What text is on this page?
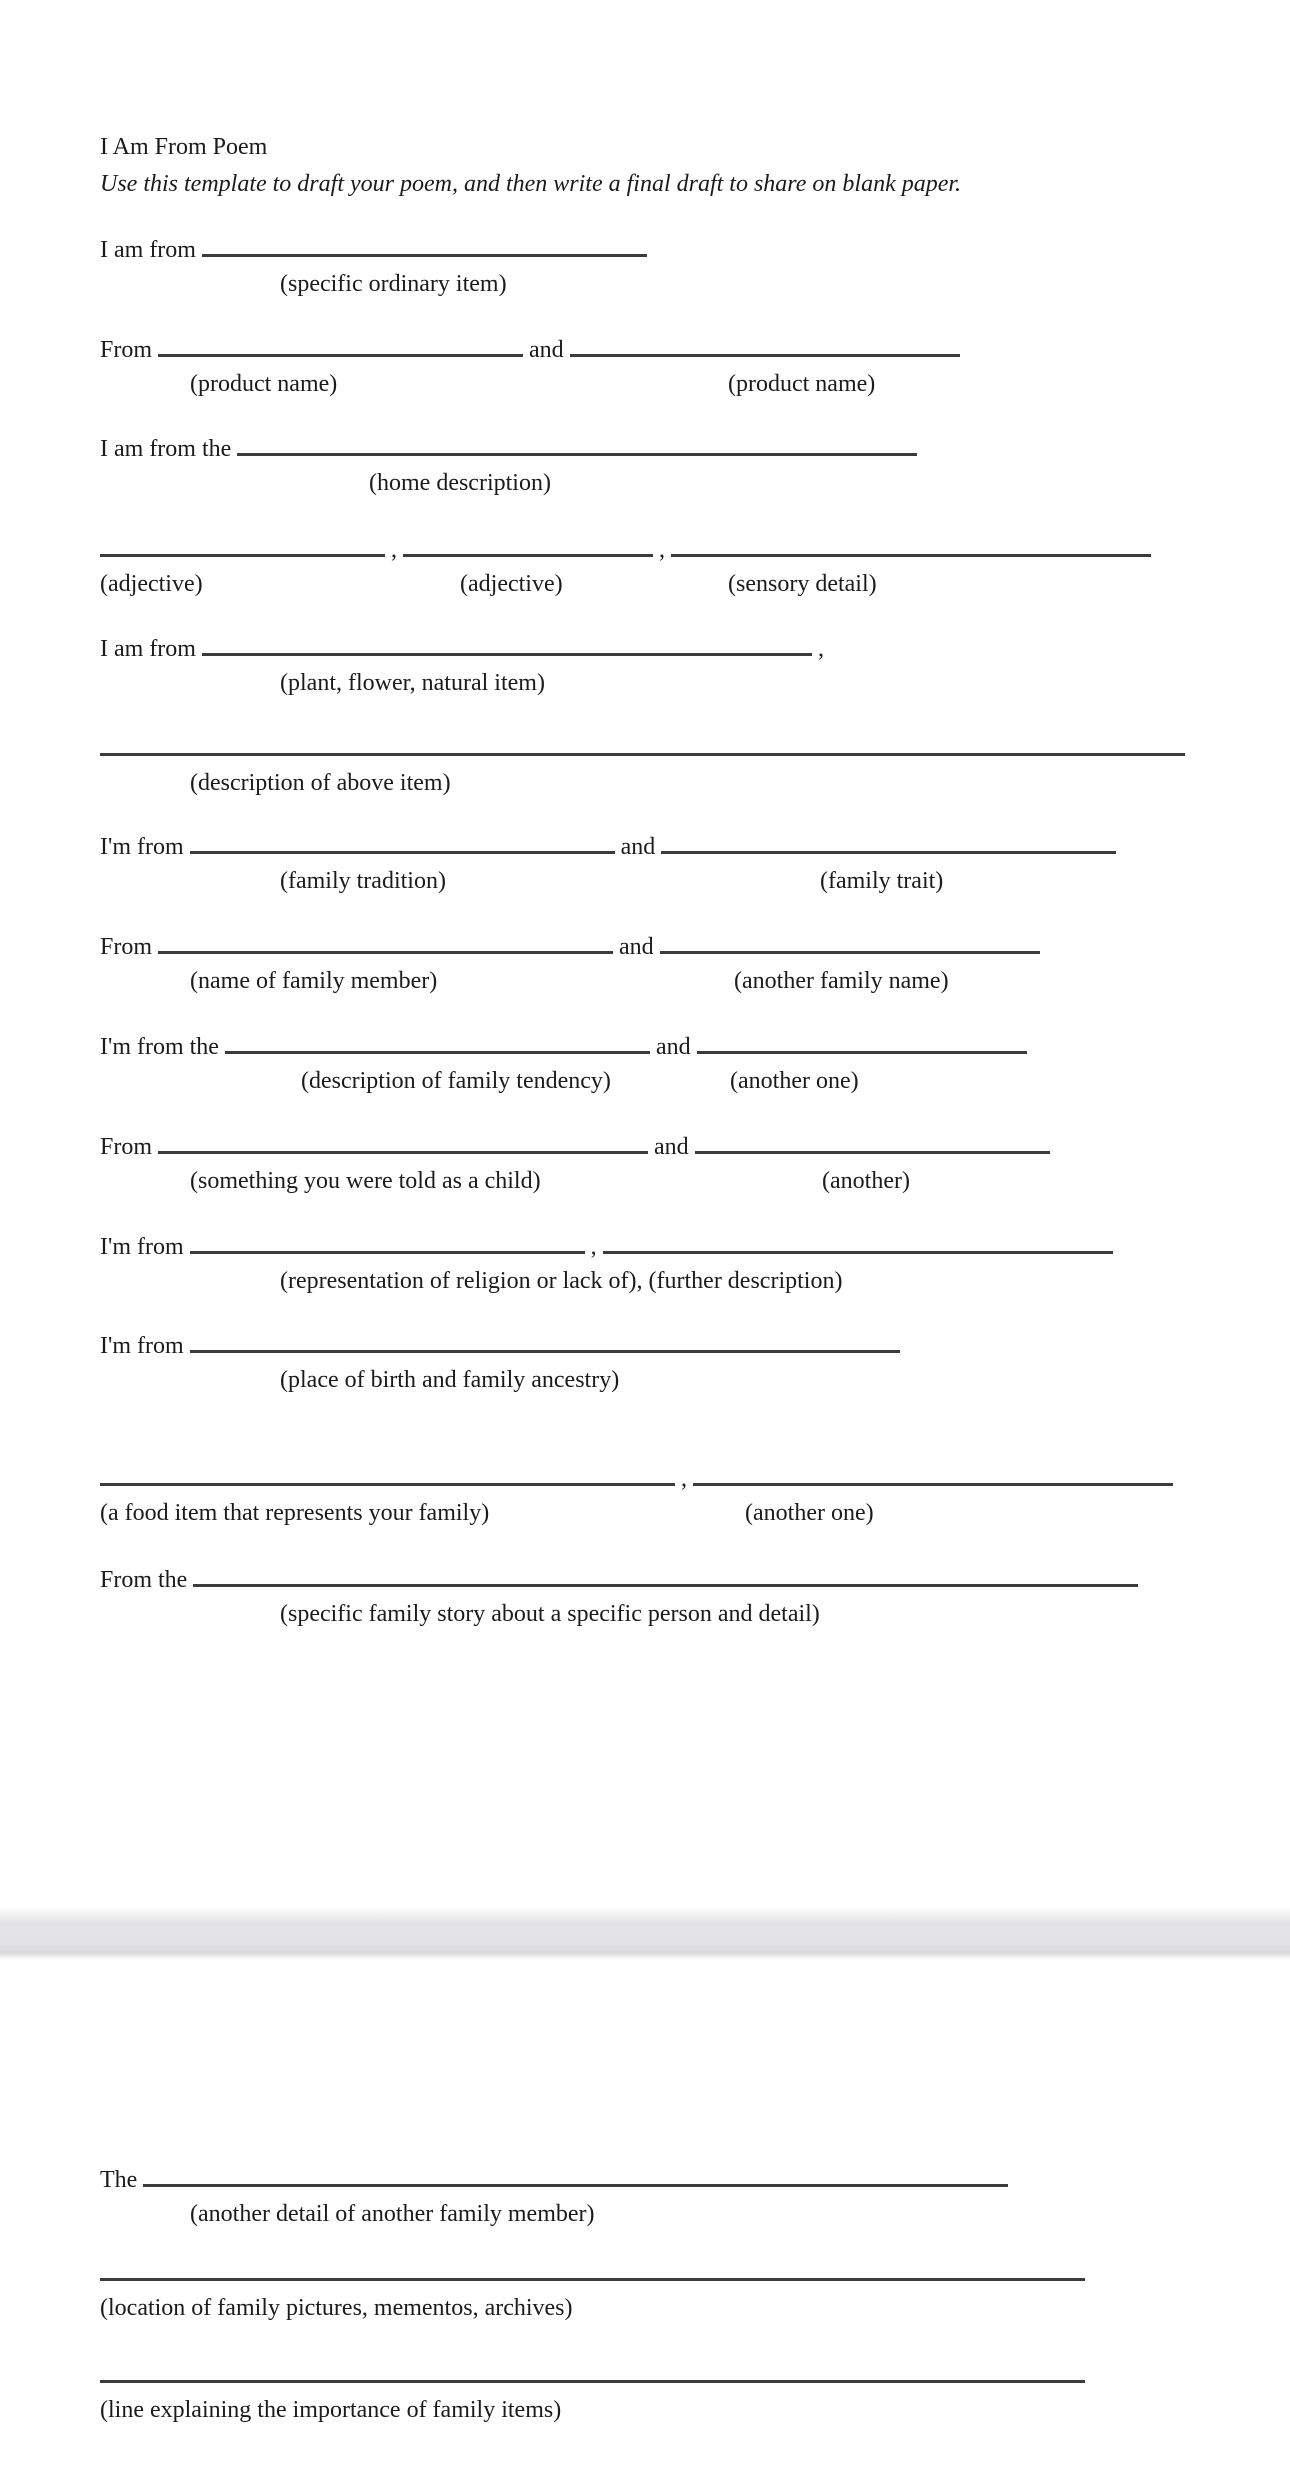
I Am From Poem
Use this template to draft your poem, and then write a final draft to share on blank paper.
I am from
(specific ordinary item)
From	and
(product name)	(product name)
I am from the
(home description)
,	,
(adjective)	(adjective)	(sensory detail)
I am from	,
(plant, flower, natural item)
(description of above item)
I'm from	and
(family tradition)	(family trait)
From	and
(name of family member)	(another family name)
I'm from the	and
(description of family tendency)	(another one)
From	and
(something you were told as a child)	(another)
I'm from	,
(representation of religion or lack of), (further description)
I'm from
(place of birth and family ancestry)
,
(a food item that represents your family)	(another one)
From the
(specific family story about a specific person and detail)
The
(another detail of another family member)
(location of family pictures, mementos, archives)
(line explaining the importance of family items)
